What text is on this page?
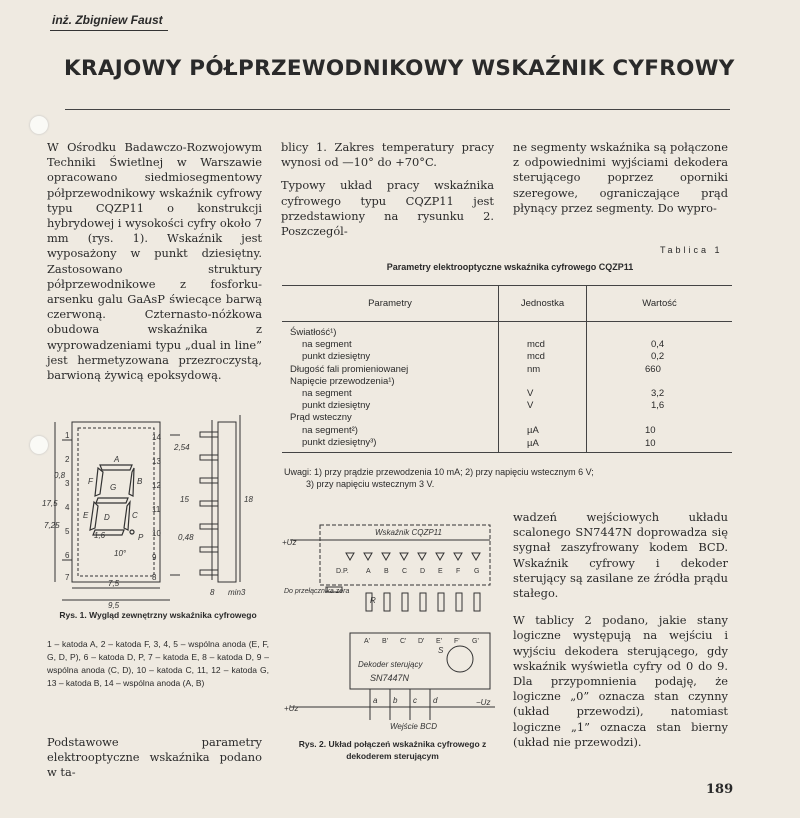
inż. Zbigniew Faust
KRAJOWY PÓŁPRZEWODNIKOWY WSKAŹNIK CYFROWY

W Ośrodku Badawczo-Rozwojowym Techniki Świetlnej w Warszawie opracowano siedmiosegmentowy półprzewodnikowy wskaźnik cyfrowy typu CQZP11 o konstrukcji hybrydowej i wysokości cyfry około 7 mm (rys. 1). Wskaźnik jest wyposażony w punkt dziesiętny. Zastosowano struktury półprzewodnikowe z fosforku-arsenku galu GaAsP świecące barwą czerwoną. Czternasto-nóżkowa obudowa wskaźnika z wyprowadzeniami typu „dual in line” jest hermetyzowana przezroczystą, barwioną żywicą epoksydową.

blicy 1. Zakres temperatury pracy wynosi od —10° do +70°C.

Typowy układ pracy wskaźnika cyfrowego typu CQZP11 jest przedstawiony na rysunku 2. Poszczegól-

ne segmenty wskaźnika są połączone z odpowiednimi wyjściami dekodera sterującego poprzez oporniki szeregowe, ograniczające prąd płynący przez segmenty. Do wypro-

Tablica 1
Parametry elektrooptyczne wskaźnika cyfrowego CQZP11
Parametry	Jednostka	Wartość
Światłość¹)		
na segment	mcd	0,4
punkt dziesiętny	mcd	0,2
Długość fali promieniowanej	nm	660
Napięcie przewodzenia¹)		
na segment	V	3,2
punkt dziesiętny	V	1,6
Prąd wsteczny		
na segment²)	µA	10
punkt dziesiętny³)	µA	10
Uwagi: 1) przy prądzie przewodzenia 10 mA; 2) przy napięciu wstecznym 6 V;
3) przy napięciu wstecznym 3 V.
1
2
3
4
5
6
7
14
13
12
11
10
9
8
A
F
G
B
E	C
D
P
7,5
9,5
17,5
0,8
2,54
15	18
10°
1,6
7,25
8 min3
0,48
Rys. 1. Wygląd zewnętrzny wskaźnika cyfrowego
1 – katoda A, 2 – katoda F, 3, 4, 5 – wspólna anoda (E, F, G, D, P), 6 – katoda D, P, 7 – katoda E, 8 – katoda D, 9 – wspólna anoda (C, D), 10 – katoda C, 11, 12 – katoda G, 13 – katoda B, 14 – wspólna anoda (A, B)

Podstawowe parametry elektrooptyczne wskaźnika podano w ta-

Wskaźnik CQZP11
+Uz
+Uz
−Uz
Do przełącznika zera
Dekoder sterujący
SN7447N
S
Wejście BCD
R
D.P. A B C D E F G
A' B' C' D' E' F' G'
a b c d
Rys. 2. Układ połączeń wskaźnika cyfrowego z dekoderem sterującym

wadzeń wejściowych układu scalonego SN7447N doprowadza się sygnał zaszyfrowany kodem BCD. Wskaźnik cyfrowy i dekoder sterujący są zasilane ze źródła prądu stałego.

W tablicy 2 podano, jakie stany logiczne występują na wejściu i wyjściu dekodera sterującego, gdy wskaźnik wyświetla cyfry od 0 do 9. Dla przypomnienia podaję, że logiczne „0” oznacza stan czynny (układ przewodzi), natomiast logiczne „1” oznacza stan bierny (układ nie przewodzi).

189
